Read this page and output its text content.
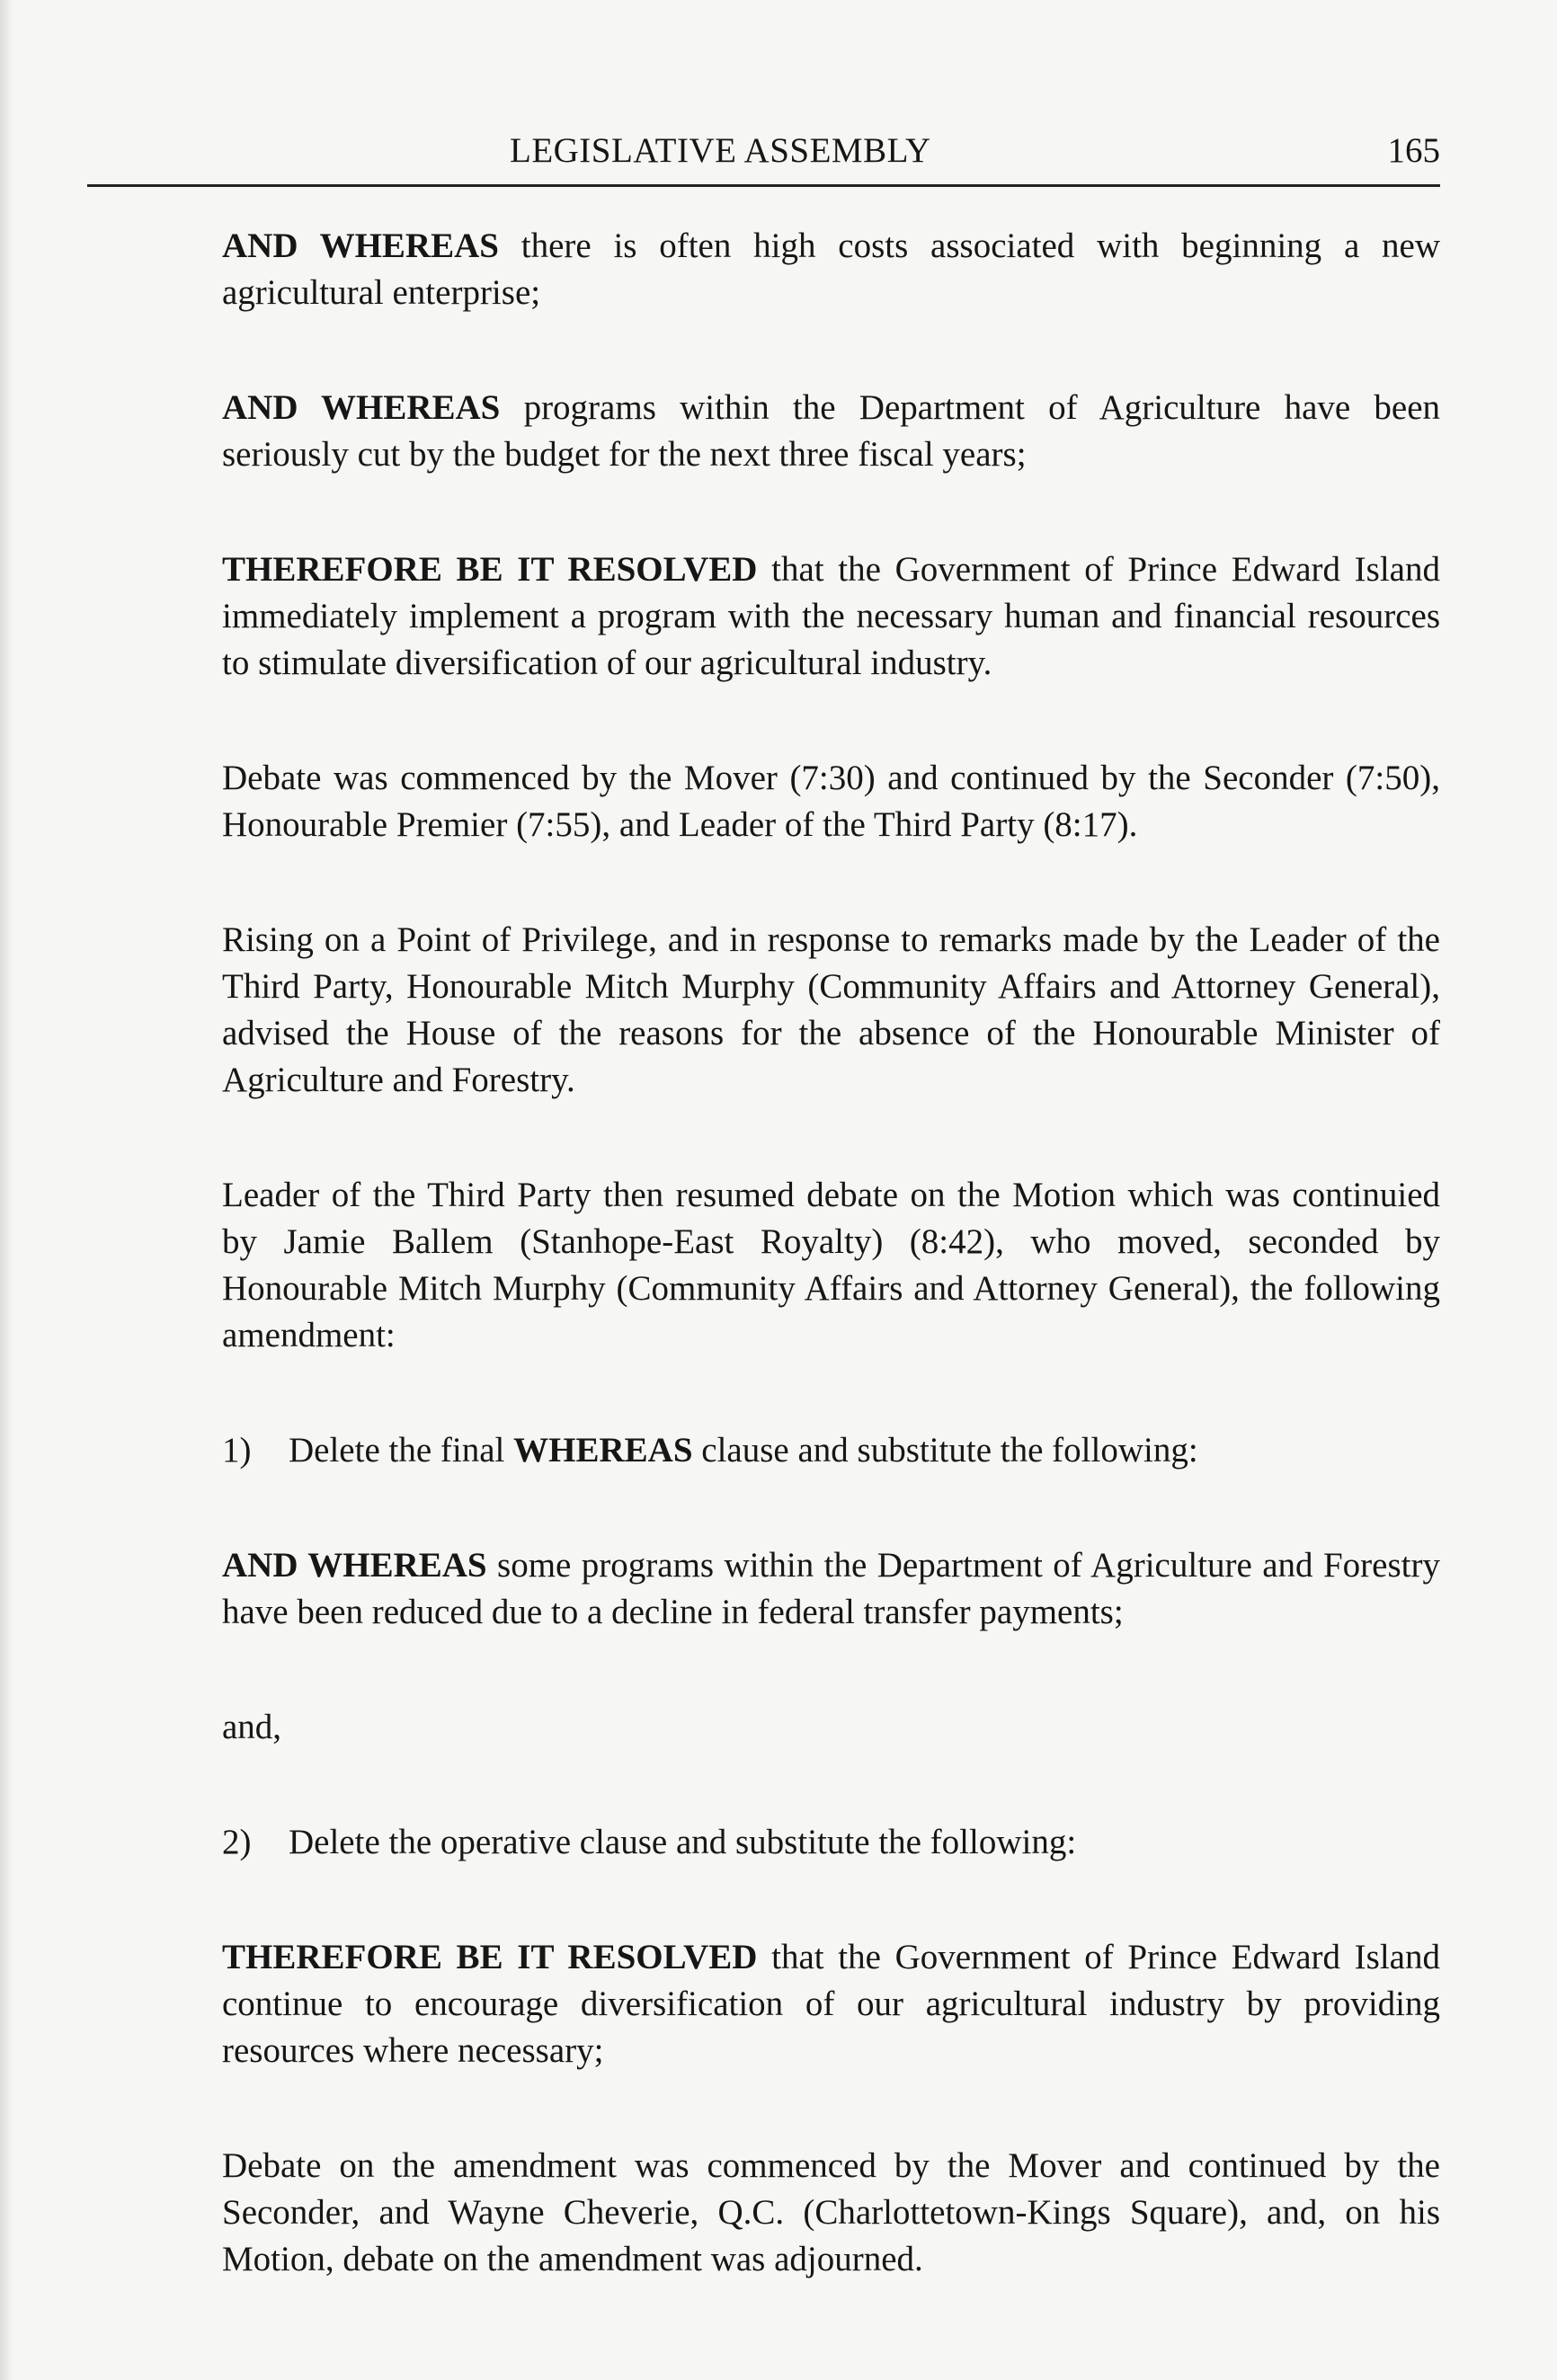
LEGISLATIVE ASSEMBLY	165

AND WHEREAS there is often high costs associated with beginning a new agricultural enterprise;

AND WHEREAS programs within the Department of Agriculture have been seriously cut by the budget for the next three fiscal years;

THEREFORE BE IT RESOLVED that the Government of Prince Edward Island immediately implement a program with the necessary human and financial resources to stimulate diversification of our agricultural industry.

Debate was commenced by the Mover (7:30) and continued by the Seconder (7:50), Honourable Premier (7:55), and Leader of the Third Party (8:17).

Rising on a Point of Privilege, and in response to remarks made by the Leader of the Third Party, Honourable Mitch Murphy (Community Affairs and Attorney General), advised the House of the reasons for the absence of the Honourable Minister of Agriculture and Forestry.

Leader of the Third Party then resumed debate on the Motion which was continuied by Jamie Ballem (Stanhope-East Royalty) (8:42), who moved, seconded by Honourable Mitch Murphy (Community Affairs and Attorney General), the following amendment:

1)	Delete the final WHEREAS clause and substitute the following:

AND WHEREAS some programs within the Department of Agriculture and Forestry have been reduced due to a decline in federal transfer payments;

and,

2)	Delete the operative clause and substitute the following:

THEREFORE BE IT RESOLVED that the Government of Prince Edward Island continue to encourage diversification of our agricultural industry by providing resources where necessary;

Debate on the amendment was commenced by the Mover and continued by the Seconder, and Wayne Cheverie, Q.C. (Charlottetown-Kings Square), and, on his Motion, debate on the amendment was adjourned.
